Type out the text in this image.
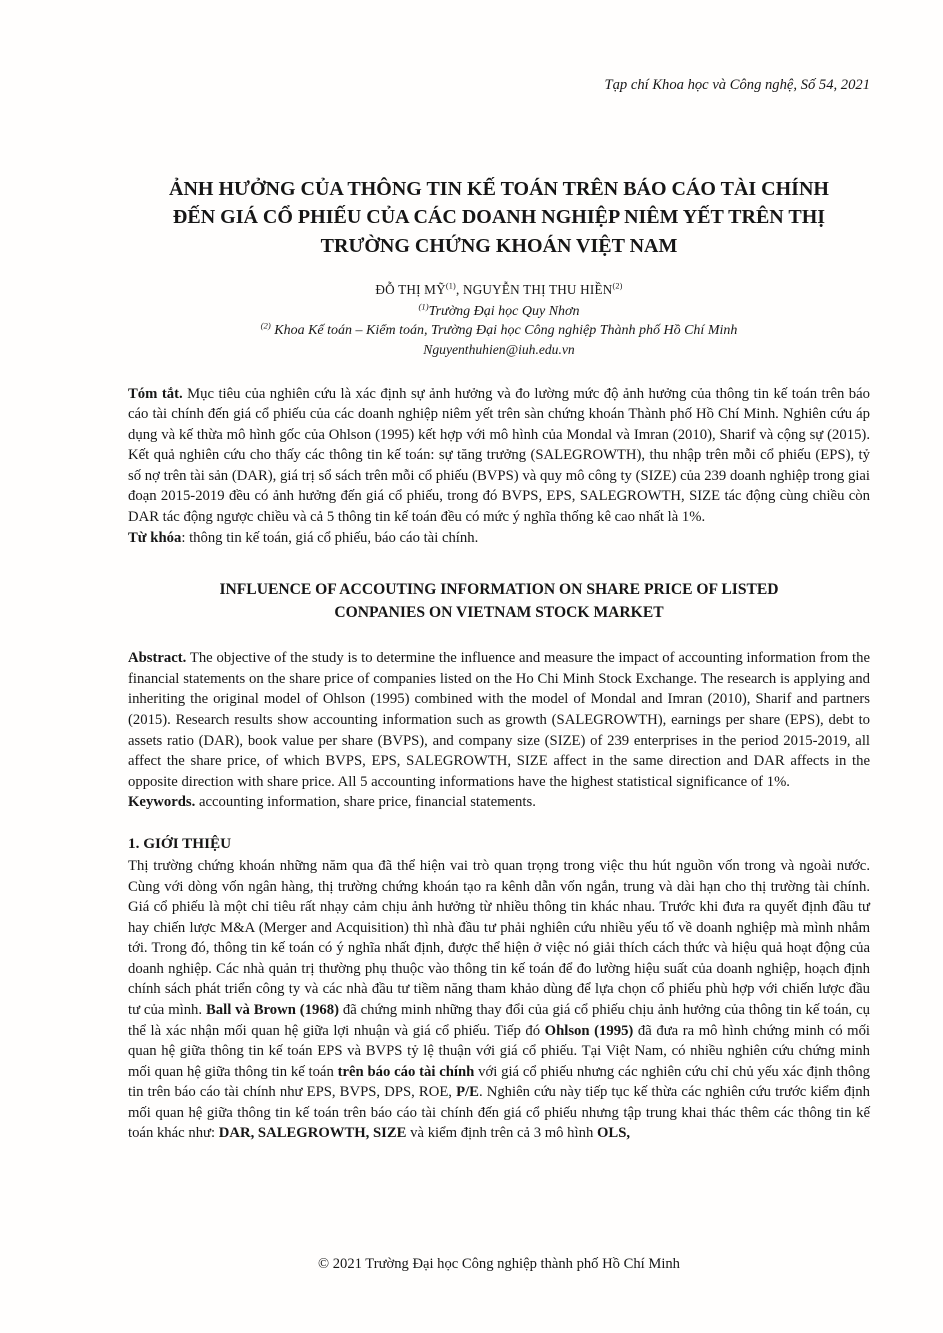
Tạp chí Khoa học và Công nghệ, Số 54, 2021
ẢNH HƯỞNG CỦA THÔNG TIN KẾ TOÁN TRÊN BÁO CÁO TÀI CHÍNH ĐẾN GIÁ CỔ PHIẾU CỦA CÁC DOANH NGHIỆP NIÊM YẾT TRÊN THỊ TRƯỜNG CHỨNG KHOÁN VIỆT NAM

ĐỖ THỊ MỸ$^{(1)}$, NGUYỄN THỊ THU HIỀN$^{(2)}$

$^{(1)}$Trường Đại học Quy Nhơn

$^{(2)}$ Khoa Kế toán – Kiểm toán, Trường Đại học Công nghiệp Thành phố Hồ Chí Minh

Nguyenthuhien@iuh.edu.vn

Tóm tắt. Mục tiêu của nghiên cứu là xác định sự ảnh hưởng và đo lường mức độ ảnh hưởng của thông tin kế toán trên báo cáo tài chính đến giá cổ phiếu của các doanh nghiệp niêm yết trên sàn chứng khoán Thành phố Hồ Chí Minh. Nghiên cứu áp dụng và kế thừa mô hình gốc của Ohlson (1995) kết hợp với mô hình của Mondal và Imran (2010), Sharif và cộng sự (2015). Kết quả nghiên cứu cho thấy các thông tin kế toán: sự tăng trưởng (SALEGROWTH), thu nhập trên mỗi cổ phiếu (EPS), tỷ số nợ trên tài sản (DAR), giá trị sổ sách trên mỗi cổ phiếu (BVPS) và quy mô công ty (SIZE) của 239 doanh nghiệp trong giai đoạn 2015-2019 đều có ảnh hưởng đến giá cổ phiếu, trong đó BVPS, EPS, SALEGROWTH, SIZE tác động cùng chiều còn DAR tác động ngược chiều và cả 5 thông tin kế toán đều có mức ý nghĩa thống kê cao nhất là 1%.

Từ khóa: thông tin kế toán, giá cổ phiếu, báo cáo tài chính.

INFLUENCE OF ACCOUTING INFORMATION ON SHARE PRICE OF LISTED CONPANIES ON VIETNAM STOCK MARKET

Abstract. The objective of the study is to determine the influence and measure the impact of accounting information from the financial statements on the share price of companies listed on the Ho Chi Minh Stock Exchange. The research is applying and inheriting the original model of Ohlson (1995) combined with the model of Mondal and Imran (2010), Sharif and partners (2015). Research results show accounting information such as growth (SALEGROWTH), earnings per share (EPS), debt to assets ratio (DAR), book value per share (BVPS), and company size (SIZE) of 239 enterprises in the period 2015-2019, all affect the share price, of which BVPS, EPS, SALEGROWTH, SIZE affect in the same direction and DAR affects in the opposite direction with share price. All 5 accounting informations have the highest statistical significance of 1%.

Keywords. accounting information, share price, financial statements.

1. GIỚI THIỆU

Thị trường chứng khoán những năm qua đã thể hiện vai trò quan trọng trong việc thu hút nguồn vốn trong và ngoài nước. Cùng với dòng vốn ngân hàng, thị trường chứng khoán tạo ra kênh dẫn vốn ngắn, trung và dài hạn cho thị trường tài chính. Giá cổ phiếu là một chỉ tiêu rất nhạy cảm chịu ảnh hưởng từ nhiều thông tin khác nhau. Trước khi đưa ra quyết định đầu tư hay chiến lược M&A (Merger and Acquisition) thì nhà đầu tư phải nghiên cứu nhiều yếu tố về doanh nghiệp mà mình nhắm tới. Trong đó, thông tin kế toán có ý nghĩa nhất định, được thể hiện ở việc nó giải thích cách thức và hiệu quả hoạt động của doanh nghiệp. Các nhà quản trị thường phụ thuộc vào thông tin kế toán để đo lường hiệu suất của doanh nghiệp, hoạch định chính sách phát triển công ty và các nhà đầu tư tiềm năng tham khảo dùng để lựa chọn cổ phiếu phù hợp với chiến lược đầu tư của mình. Ball và Brown (1968) đã chứng minh những thay đổi của giá cổ phiếu chịu ảnh hưởng của thông tin kế toán, cụ thể là xác nhận mối quan hệ giữa lợi nhuận và giá cổ phiếu. Tiếp đó Ohlson (1995) đã đưa ra mô hình chứng minh có mối quan hệ giữa thông tin kế toán EPS và BVPS tỷ lệ thuận với giá cổ phiếu. Tại Việt Nam, có nhiều nghiên cứu chứng minh mối quan hệ giữa thông tin kế toán trên báo cáo tài chính với giá cổ phiếu nhưng các nghiên cứu chỉ chủ yếu xác định thông tin trên báo cáo tài chính như EPS, BVPS, DPS, ROE, P/E. Nghiên cứu này tiếp tục kế thừa các nghiên cứu trước kiểm định mối quan hệ giữa thông tin kế toán trên báo cáo tài chính đến giá cổ phiếu nhưng tập trung khai thác thêm các thông tin kế toán khác như: DAR, SALEGROWTH, SIZE và kiểm định trên cả 3 mô hình OLS,

© 2021 Trường Đại học Công nghiệp thành phố Hồ Chí Minh
